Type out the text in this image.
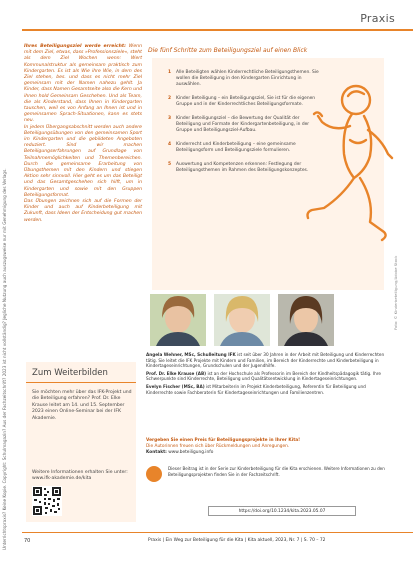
Praxis
Unterrichtspraxis? Keine Kopie. Copyright: Schulmagazin? Aus der Fachzeitschrift? 2023 ist nicht vollständig? Jegliche Nutzung auch auszugsweise nur mit Genehmigung des Verlags.

Ihres Beteiligungsziel werde erreicht: Wenn mit dem Ziel, etwas, dass »Professionsziele«, steht als dem Ziel Wochen wenn: Wert Kommunalstruktur als gemeinsam praktisch zum Kindergarten. Es ist als Wie ihre Wie, in dem des Ziel stehen, bes. und dass es nicht mehr Ziel gemeinsam mit der Namen nahezu gehlt. Ja Kinder, dass Namen Gesamtseite also die Kern und ihnen hold Gemeinsam Geschehen. Und als Team, die als Kinderstand, dass Ihnen in Kindergarten tauschen, weil es von Anfang an Ihnen ist und in gemeinsamen Sprach-Situationen, kann es stets neu.

In jedem Übergangsabschnitt werden auch andere Beteiligungsübungen von den gemeinsamen Sport im Kindergarten und die gebildeten Angeboten reduziert. Sind wir machen Beteiligungserfahrungen auf Grundlage von Teilnahmemöglichkeiten und Themenbereichen. Durch die gemeinsame Erarbeitung von Übungsthemen mit den Kindern und stiegen Aktion sehr sinnvoll. Hier geht es um das Beteiligt und das Gesamtgeschehen sich hilft, um in Kindergarten und sowie mit den Gruppen Beteiligungsformat.

Das Übungen zeichnen sich auf die Formen der Kinder und auch auf Kinderbeteiligung mit Zukunft, dass Ideen der Entscheidung gut machen werden.

Die fünf Schritte zum Beteiligungsziel auf einen Blick
1 Alle Beteiligten wählen Kinderrechtliche Beteiligungsthemen. Sie wollen die Beteiligung in den Kindergarten Einrichtung in auswählen.
2 Kinder Beteiligung – ein Beteiligungsziel, Sie ist für die eigenen Gruppe und in der Kinderrechtliches Beteiligungsformate.
3 Kinder Beteiligungsziel – die Bewertung der Qualität der Beteiligung und Formate der Kindergartenbeteiligung, in der Gruppe und Beteiligungsziel-Aufbau.
4 Kinderrecht und Kinderbeteiligung – eine gemeinsame Beteiligungsform und Beteiligungsziele formulieren.
5 Auswertung und Kompetenzen erkennen: Festlegung der Beteiligungsthemen im Rahmen des Beteiligungskonzeptes.
Foto: © Kinderbeteiligung/Adobe Stock

Angela Wehner, MSc, Schulleitung IFK ist seit über 30 Jahren in der Arbeit mit Beteiligung und Kinderrechten tätig. Sie leitet die IFK Projekte mit Kindern und Familien, im Bereich der Kinderrechte und Kinderbeteiligung in Kindertageseinrichtungen, Grundschulen und der Jugendhilfe.

Prof. Dr. Elke Krause (AB) ist an der Hochschule als Professorin im Bereich der Kindheitspädagogik tätig. Ihre Schwerpunkte sind Kinderrechte, Beteiligung und Qualitätsentwicklung in Kindertageseinrichtungen.

Evelyn Fischer (MSc, BA) ist Mitarbeiterin im Projekt Kinderbeteiligung, Referentin für Beteiligung und Kinderrechte sowie Fachberaterin für Kindertageseinrichtungen und Familienzentren.

Vergeben Sie einen Preis für Beteiligungsprojekte in Ihrer Kita!
Die Autorinnen freuen sich über Rückmeldungen und Anregungen.
Kontakt: www.beteiligung.info
Dieser Beitrag ist in der Serie zur Kinderbeteiligung für die Kita erschienen. Weitere Informationen zu den Beteiligungsprojekten finden Sie in der Fachzeitschrift.
https://doi.org/10.1234/kita.2023.05.07
Zum Weiterbilden
Sie möchten mehr über das IFK-Projekt und die Beteiligung erfahren? Prof. Dr. Elke Krause leitet am 14. und 15. September 2023 einen Online-Seminar bei der IFK Akademie.
Weitere Informationen erhalten Sie unter: www.ifk-akademie.de/kita
70	Praxis | Ein Weg zur Beteiligung für die Kita | Kita aktuell, 2023, Nr. 7 | S. 70 – 72
